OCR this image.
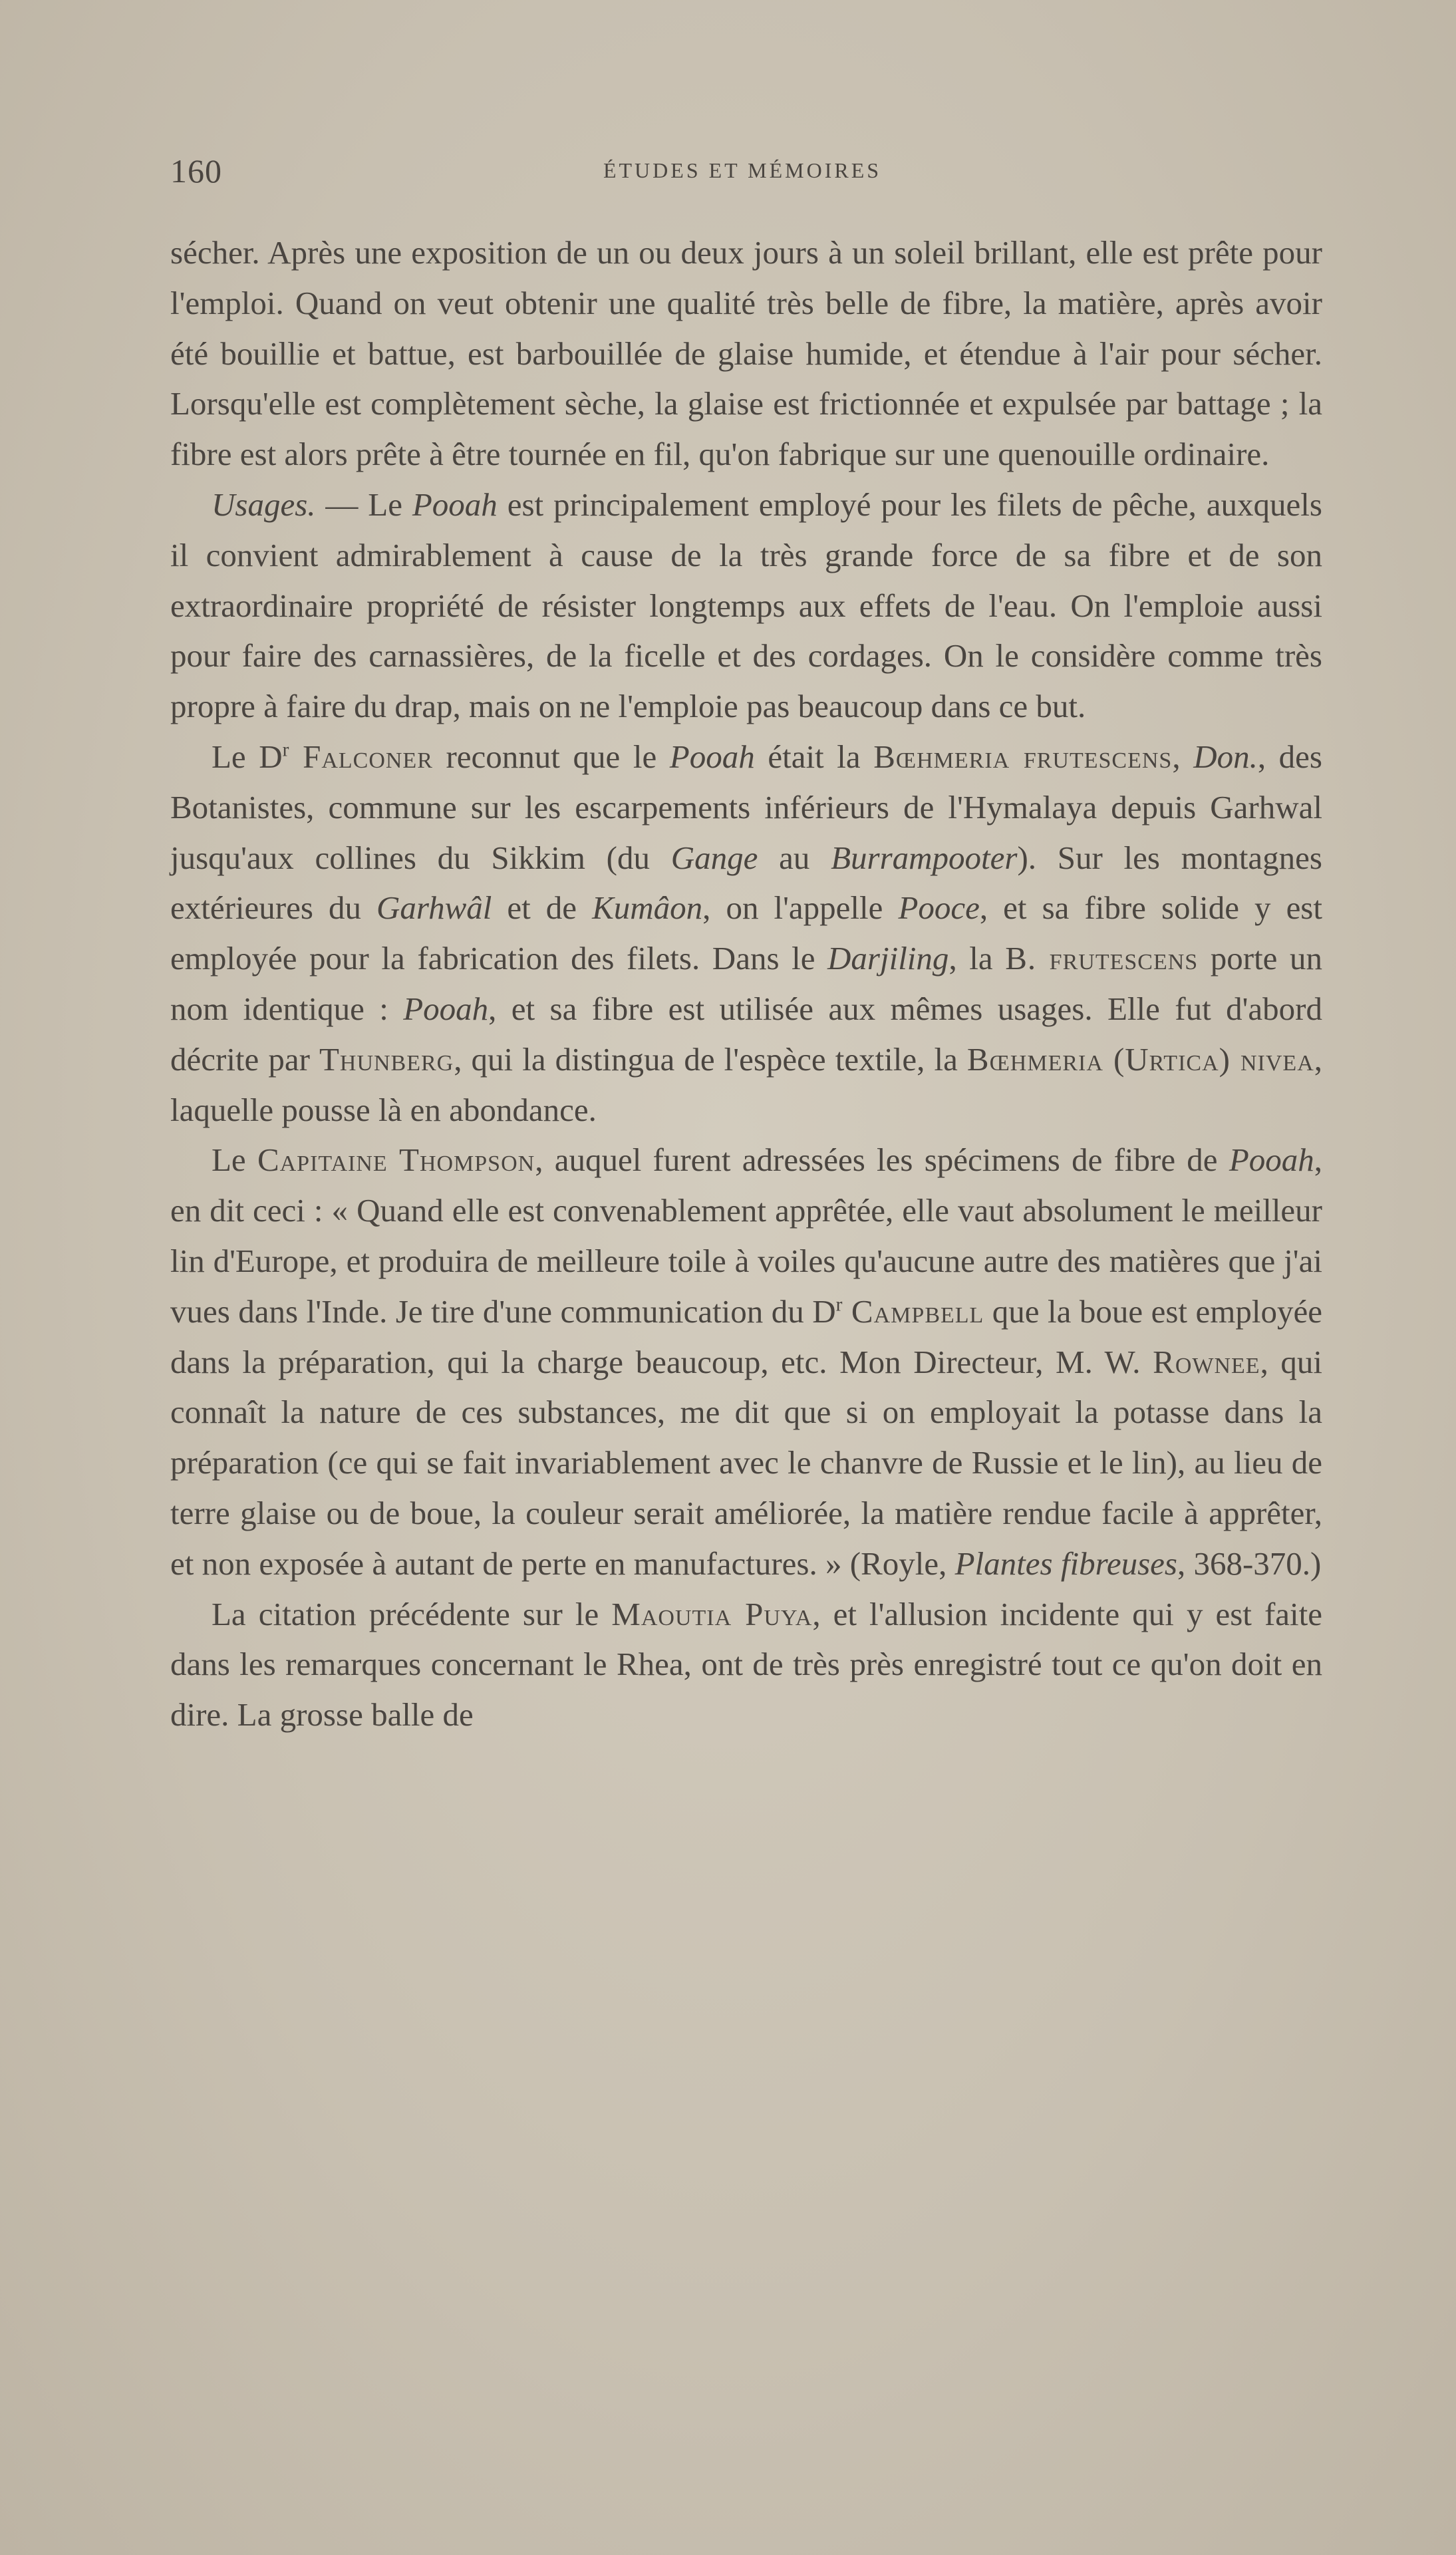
160	ÉTUDES ET MÉMOIRES

sécher. Après une exposition de un ou deux jours à un soleil brillant, elle est prête pour l'emploi. Quand on veut obtenir une qualité très belle de fibre, la matière, après avoir été bouillie et battue, est barbouillée de glaise humide, et étendue à l'air pour sécher. Lorsqu'elle est complètement sèche, la glaise est frictionnée et expulsée par battage ; la fibre est alors prête à être tournée en fil, qu'on fabrique sur une quenouille ordinaire.

Usages. — Le Pooah est principalement employé pour les filets de pêche, auxquels il convient admirablement à cause de la très grande force de sa fibre et de son extraordinaire propriété de résister longtemps aux effets de l'eau. On l'emploie aussi pour faire des carnassières, de la ficelle et des cordages. On le considère comme très propre à faire du drap, mais on ne l'emploie pas beaucoup dans ce but.

Le $D^r$ Falconer reconnut que le Pooah était la Bœhmeria frutescens, Don., des Botanistes, commune sur les escarpements inférieurs de l'Hymalaya depuis Garhwal jusqu'aux collines du Sikkim (du Gange au Burrampooter). Sur les montagnes extérieures du Garhwâl et de Kumâon, on l'appelle Pooce, et sa fibre solide y est employée pour la fabrication des filets. Dans le Darjiling, la B. frutescens porte un nom identique : Pooah, et sa fibre est utilisée aux mêmes usages. Elle fut d'abord décrite par Thunberg, qui la distingua de l'espèce textile, la Bœhmeria (Urtica) nivea, laquelle pousse là en abondance.

Le Capitaine Thompson, auquel furent adressées les spécimens de fibre de Pooah, en dit ceci : « Quand elle est convenablement apprêtée, elle vaut absolument le meilleur lin d'Europe, et produira de meilleure toile à voiles qu'aucune autre des matières que j'ai vues dans l'Inde. Je tire d'une communication du $D^r$ Campbell que la boue est employée dans la préparation, qui la charge beaucoup, etc. Mon Directeur, M. W. Rownee, qui connaît la nature de ces substances, me dit que si on employait la potasse dans la préparation (ce qui se fait invariablement avec le chanvre de Russie et le lin), au lieu de terre glaise ou de boue, la couleur serait améliorée, la matière rendue facile à apprêter, et non exposée à autant de perte en manufactures. » (Royle, Plantes fibreuses, 368-370.)

La citation précédente sur le Maoutia Puya, et l'allusion incidente qui y est faite dans les remarques concernant le Rhea, ont de très près enregistré tout ce qu'on doit en dire. La grosse balle de
